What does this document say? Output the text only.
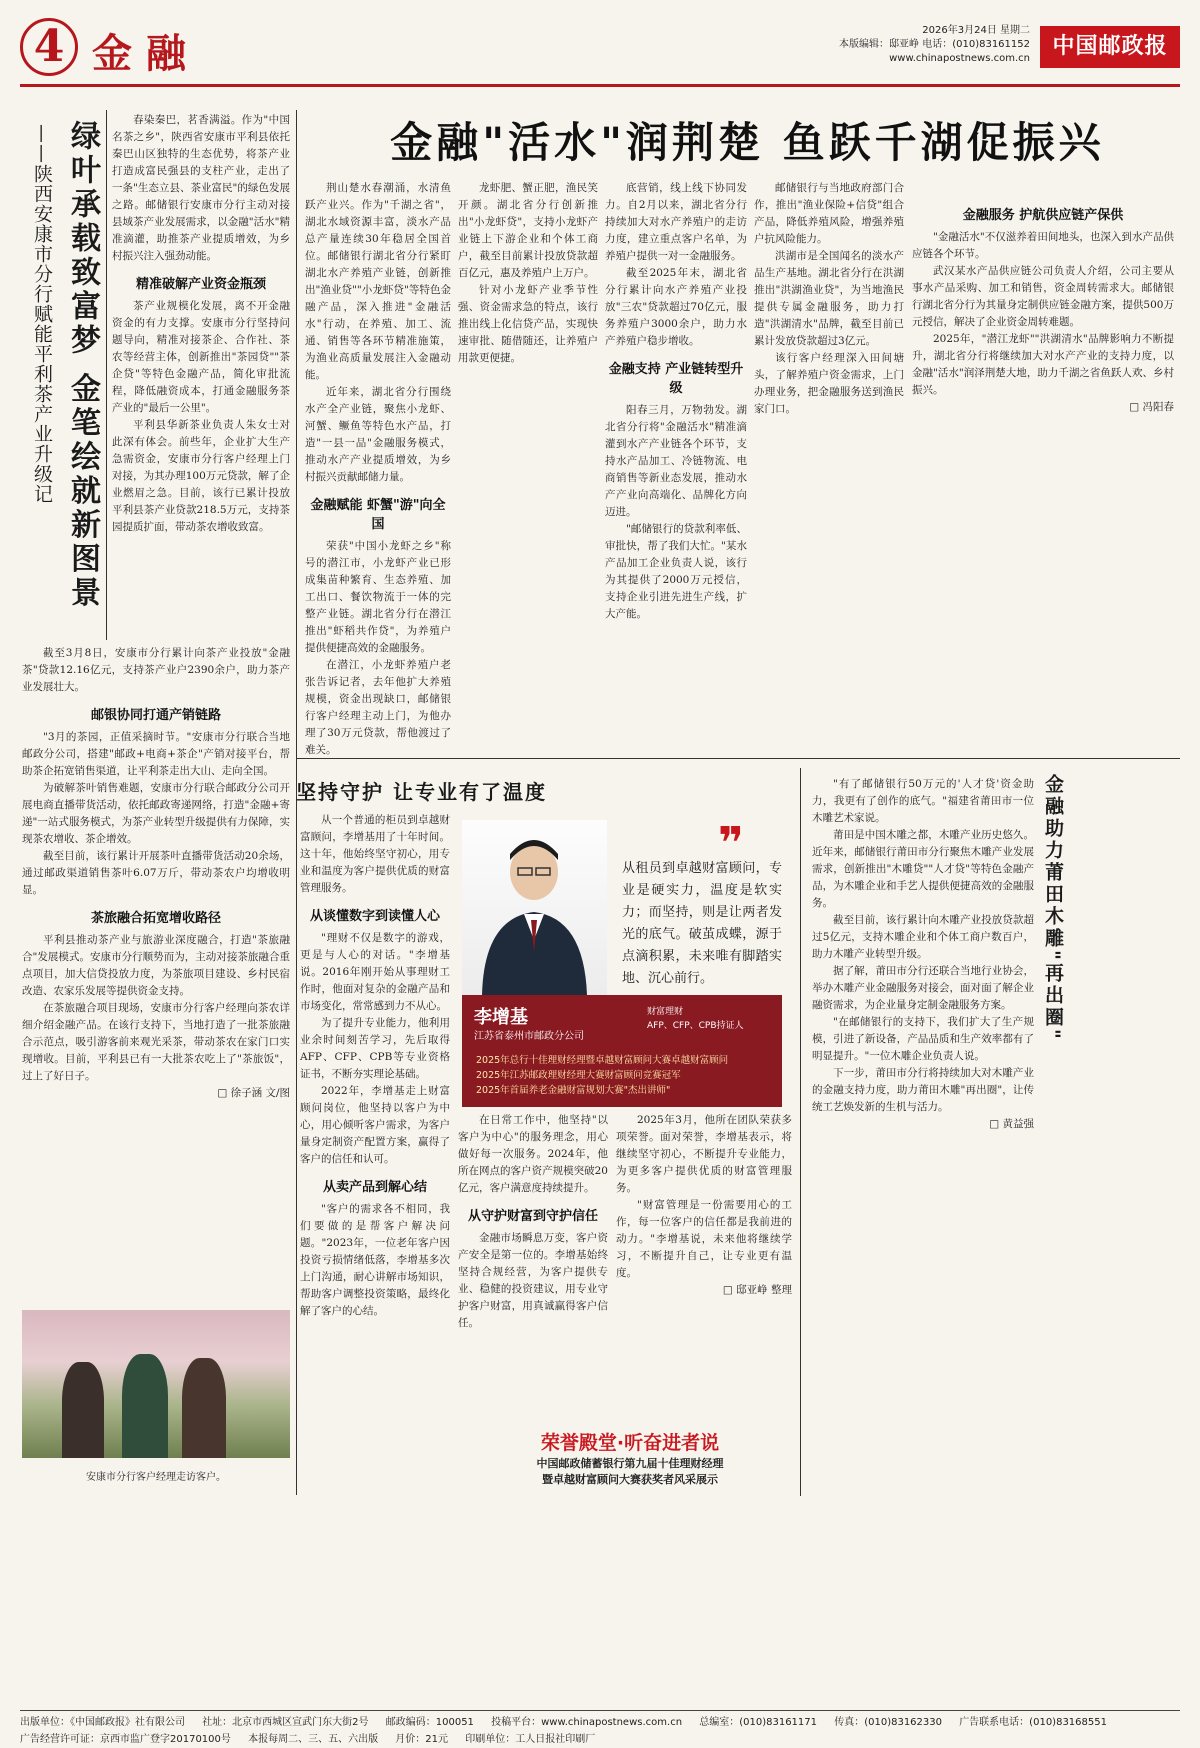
4 金融
2026年3月24日 星期二
本版编辑：邸亚峥 电话：(010)83161152
www.chinapostnews.com.cn	中国邮政报
绿叶承载致富梦 金笔绘就新图景 ——陕西安康市分行赋能平利茶产业升级记

春染秦巴，茗香满溢。作为"中国名茶之乡"，陕西省安康市平利县依托秦巴山区独特的生态优势，将茶产业打造成富民强县的支柱产业，走出了一条"生态立县、茶业富民"的绿色发展之路。邮储银行安康市分行主动对接县域茶产业发展需求，以金融"活水"精准滴灌，助推茶产业提质增效，为乡村振兴注入强劲动能。

精准破解产业资金瓶颈

茶产业规模化发展，离不开金融资金的有力支撑。安康市分行坚持问题导向，精准对接茶企、合作社、茶农等经营主体，创新推出"茶园贷""茶企贷"等特色金融产品，简化审批流程，降低融资成本，打通金融服务茶产业的"最后一公里"。

平利县华新茶业负责人朱女士对此深有体会。前些年，企业扩大生产急需资金，安康市分行客户经理上门对接，为其办理100万元贷款，解了企业燃眉之急。目前，该行已累计投放平利县茶产业贷款218.5万元，支持茶园提质扩面，带动茶农增收致富。

截至3月8日，安康市分行累计向茶产业投放"金融茶"贷款12.16亿元，支持茶产业户2390余户，助力茶产业发展壮大。

邮银协同打通产销链路

"3月的茶园，正值采摘时节。"安康市分行联合当地邮政分公司，搭建"邮政+电商+茶企"产销对接平台，帮助茶企拓宽销售渠道，让平利茶走出大山、走向全国。

为破解茶叶销售难题，安康市分行联合邮政分公司开展电商直播带货活动，依托邮政寄递网络，打造"金融+寄递"一站式服务模式，为茶产业转型升级提供有力保障，实现茶农增收、茶企增效。

截至目前，该行累计开展茶叶直播带货活动20余场，通过邮政渠道销售茶叶6.07万斤，带动茶农户均增收明显。

茶旅融合拓宽增收路径

平利县推动茶产业与旅游业深度融合，打造"茶旅融合"发展模式。安康市分行顺势而为，主动对接茶旅融合重点项目，加大信贷投放力度，为茶旅项目建设、乡村民宿改造、农家乐发展等提供资金支持。

在茶旅融合项目现场，安康市分行客户经理向茶农详细介绍金融产品。在该行支持下，当地打造了一批茶旅融合示范点，吸引游客前来观光采茶，带动茶农在家门口实现增收。目前，平利县已有一大批茶农吃上了"茶旅饭"，过上了好日子。

□ 徐子涵 文/图

安康市分行客户经理走访客户。
金融"活水"润荆楚 鱼跃千湖促振兴

荆山楚水春潮涌，水清鱼跃产业兴。作为"千湖之省"，湖北水域资源丰富，淡水产品总产量连续30年稳居全国首位。邮储银行湖北省分行紧盯湖北水产养殖产业链，创新推出"渔业贷""小龙虾贷"等特色金融产品，深入推进"金融活水"行动，在养殖、加工、流通、销售等各环节精准施策，为渔业高质量发展注入金融动能。

近年来，湖北省分行围绕水产全产业链，聚焦小龙虾、河蟹、鳜鱼等特色水产品，打造"一县一品"金融服务模式，推动水产产业提质增效，为乡村振兴贡献邮储力量。

金融赋能 虾蟹"游"向全国

荣获"中国小龙虾之乡"称号的潜江市，小龙虾产业已形成集苗种繁育、生态养殖、加工出口、餐饮物流于一体的完整产业链。湖北省分行在潜江推出"虾稻共作贷"，为养殖户提供便捷高效的金融服务。

在潜江，小龙虾养殖户老张告诉记者，去年他扩大养殖规模，资金出现缺口，邮储银行客户经理主动上门，为他办理了30万元贷款，帮他渡过了难关。

龙虾肥、蟹正肥，渔民笑开颜。湖北省分行创新推出"小龙虾贷"，支持小龙虾产业链上下游企业和个体工商户，截至目前累计投放贷款超百亿元，惠及养殖户上万户。

针对小龙虾产业季节性强、资金需求急的特点，该行推出线上化信贷产品，实现快速审批、随借随还，让养殖户用款更便捷。

底营销，线上线下协同发力。自2月以来，湖北省分行持续加大对水产养殖户的走访力度，建立重点客户名单，为养殖户提供一对一金融服务。

截至2025年末，湖北省分行累计向水产养殖产业投放"三农"贷款超过70亿元，服务养殖户3000余户，助力水产养殖户稳步增收。

金融支持 产业链转型升级

阳春三月，万物勃发。湖北省分行将"金融活水"精准滴灌到水产产业链各个环节，支持水产品加工、冷链物流、电商销售等新业态发展，推动水产产业向高端化、品牌化方向迈进。

"邮储银行的贷款利率低、审批快，帮了我们大忙。"某水产品加工企业负责人说，该行为其提供了2000万元授信，支持企业引进先进生产线，扩大产能。

邮储银行与当地政府部门合作，推出"渔业保险+信贷"组合产品，降低养殖风险，增强养殖户抗风险能力。

洪湖市是全国闻名的淡水产品生产基地。湖北省分行在洪湖推出"洪湖渔业贷"，为当地渔民提供专属金融服务，助力打造"洪湖清水"品牌，截至目前已累计发放贷款超过3亿元。

该行客户经理深入田间塘头，了解养殖户资金需求，上门办理业务，把金融服务送到渔民家门口。

金融服务 护航供应链产保供

"金融活水"不仅滋养着田间地头，也深入到水产品供应链各个环节。

武汉某水产品供应链公司负责人介绍，公司主要从事水产品采购、加工和销售，资金周转需求大。邮储银行湖北省分行为其量身定制供应链金融方案，提供500万元授信，解决了企业资金周转难题。

2025年，"潜江龙虾""洪湖清水"品牌影响力不断提升，湖北省分行将继续加大对水产产业的支持力度，以金融"活水"润泽荆楚大地，助力千湖之省鱼跃人欢、乡村振兴。

□ 冯阳春

坚持守护 让专业有了温度

从一个普通的柜员到卓越财富顾问，李增基用了十年时间。这十年，他始终坚守初心，用专业和温度为客户提供优质的财富管理服务。

从谈懂数字到读懂人心

"理财不仅是数字的游戏，更是与人心的对话。"李增基说。2016年刚开始从事理财工作时，他面对复杂的金融产品和市场变化，常常感到力不从心。

为了提升专业能力，他利用业余时间刻苦学习，先后取得AFP、CFP、CPB等专业资格证书，不断夯实理论基础。

2022年，李增基走上财富顾问岗位，他坚持以客户为中心，用心倾听客户需求，为客户量身定制资产配置方案，赢得了客户的信任和认可。

从卖产品到解心结

"客户的需求各不相同，我们要做的是帮客户解决问题。"2023年，一位老年客户因投资亏损情绪低落，李增基多次上门沟通，耐心讲解市场知识，帮助客户调整投资策略，最终化解了客户的心结。

❞
从租员到卓越财富顾问，专业是硬实力，温度是软实力；而坚持，则是让两者发光的底气。破茧成蝶，源于点滴积累，未来唯有脚踏实地、沉心前行。
李增基
江苏省泰州市邮政分公司
财富理财
AFP、CFP、CPB持证人
2025年总行十佳理财经理暨卓越财富顾问大赛卓越财富顾问
2025年江苏邮政理财经理大赛财富顾问竞赛冠军
2025年首届养老金融财富规划大赛"杰出讲师"

在日常工作中，他坚持"以客户为中心"的服务理念，用心做好每一次服务。2024年，他所在网点的客户资产规模突破20亿元，客户满意度持续提升。

从守护财富到守护信任

金融市场瞬息万变，客户资产安全是第一位的。李增基始终坚持合规经营，为客户提供专业、稳健的投资建议，用专业守护客户财富，用真诚赢得客户信任。

2025年3月，他所在团队荣获多项荣誉。面对荣誉，李增基表示，将继续坚守初心，不断提升专业能力，为更多客户提供优质的财富管理服务。

"财富管理是一份需要用心的工作，每一位客户的信任都是我前进的动力。"李增基说，未来他将继续学习，不断提升自己，让专业更有温度。

□ 邸亚峥 整理

荣誉殿堂·听奋进者说
中国邮政储蓄银行第九届十佳理财经理
暨卓越财富顾问大赛获奖者风采展示
金融助力莆田木雕"再出圈"

"有了邮储银行50万元的'人才贷'资金助力，我更有了创作的底气。"福建省莆田市一位木雕艺术家说。

莆田是中国木雕之都，木雕产业历史悠久。近年来，邮储银行莆田市分行聚焦木雕产业发展需求，创新推出"木雕贷""人才贷"等特色金融产品，为木雕企业和手艺人提供便捷高效的金融服务。

截至目前，该行累计向木雕产业投放贷款超过5亿元，支持木雕企业和个体工商户数百户，助力木雕产业转型升级。

据了解，莆田市分行还联合当地行业协会，举办木雕产业金融服务对接会，面对面了解企业融资需求，为企业量身定制金融服务方案。

"在邮储银行的支持下，我们扩大了生产规模，引进了新设备，产品品质和生产效率都有了明显提升。"一位木雕企业负责人说。

下一步，莆田市分行将持续加大对木雕产业的金融支持力度，助力莆田木雕"再出圈"，让传统工艺焕发新的生机与活力。

□ 黄益强

出版单位：《中国邮政报》社有限公司 社址：北京市西城区宣武门东大街2号 邮政编码：100051 投稿平台：www.chinapostnews.com.cn 总编室：(010)83161171 传真：(010)83162330 广告联系电话：(010)83168551
广告经营许可证：京西市监广登字20170100号 本报每周二、三、五、六出版 月价：21元 印刷单位：工人日报社印刷厂
